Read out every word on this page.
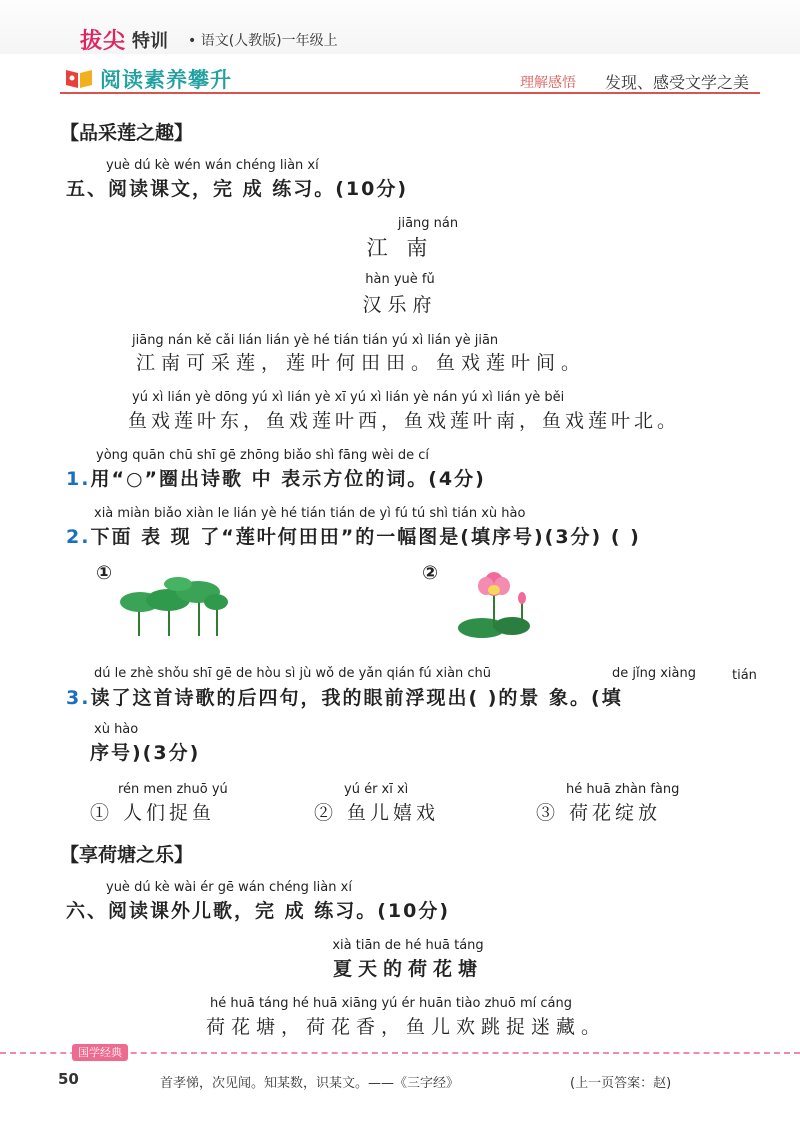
拔尖 特训 • 语文(人教版)一年级上
阅读素养攀升	理解感悟 发现、感受文学之美
【品采莲之趣】
yuè dú kè wén wán chéng liàn xí
五、阅读课文，完 成 练习。(10分)
jiāng nán
江 南
hàn yuè fǔ
汉乐府
jiāng nán kě cǎi lián lián yè hé tián tián yú xì lián yè jiān
江南可采莲，莲叶何田田。鱼戏莲叶间。
yú xì lián yè dōng yú xì lián yè xī yú xì lián yè nán yú xì lián yè běi
鱼戏莲叶东，鱼戏莲叶西，鱼戏莲叶南，鱼戏莲叶北。
yòng quān chū shī gē zhōng biǎo shì fāng wèi de cí
1.用“○”圈出诗歌 中 表示方位的词。(4分)
xià miàn biǎo xiàn le lián yè hé tián tián de yì fú tú shì tián xù hào
2.下面 表 现 了“莲叶何田田”的一幅图是(填序号)(3分) ( )
①	②
dú le zhè shǒu shī gē de hòu sì jù wǒ de yǎn qián fú xiàn chū	de jǐng xiàng	tián
3.读了这首诗歌的后四句，我的眼前浮现出( )的景 象。(填
xù hào
序号)(3分)
rén men zhuō yú
① 人们捉鱼
yú ér xī xì
② 鱼儿嬉戏
hé huā zhàn fàng
③ 荷花绽放
【享荷塘之乐】
yuè dú kè wài ér gē wán chéng liàn xí
六、阅读课外儿歌，完 成 练习。(10分)
xià tiān de hé huā táng
夏天的荷花塘
hé huā táng hé huā xiāng yú ér huān tiào zhuō mí cáng
荷花塘，荷花香，鱼儿欢跳捉迷藏。
国学经典
50	首孝悌，次见闻。知某数，识某文。——《三字经》	(上一页答案：赵)
